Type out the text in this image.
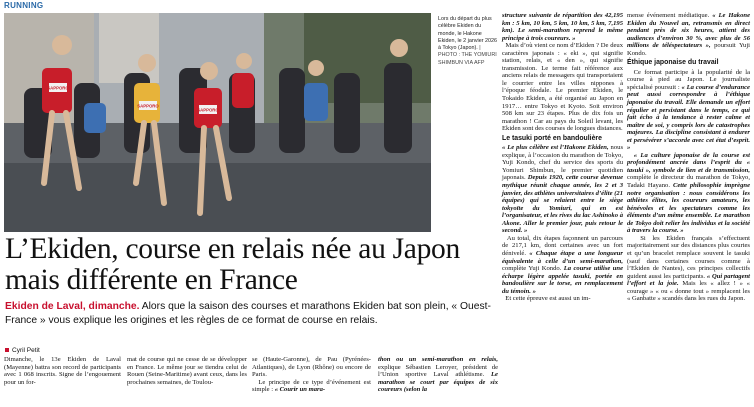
RUNNING
SAPPORO
SAPPORO
SAPPORO
Lors du départ du plus célèbre Ekiden du monde, le Hakone Ekiden, le 2 janvier 2026 à Tokyo (Japon). | PHOTO : THE YOMIURI SHIMBUN VIA AFP

structure suivante de répartition des 42,195 km : 5 km, 10 km, 5 km, 10 km, 5 km, 7,195 km). Le semi-marathon reprend le même principe à trois coureurs. »

Mais d’où vient ce nom d’Ekiden ? De deux caractères japonais : « eki », qui signifie station, relais, et « den », qui signifie transmission. Le terme fait référence aux anciens relais de messagers qui transportaient le courrier entre les villes nippones à l’époque féodale. Le premier Ekiden, le Tokaido Ekiden, a été organisé au Japon en 1917… entre Tokyo et Kyoto. Soit environ 508 km sur 23 étapes. Plus de dix fois un marathon ! Car au pays du Soleil levant, les Ekiden sont des courses de longues distances.

Le tasuki porté en bandoulière

« Le plus célèbre est l’Hakone Ekiden, nous explique, à l’occasion du marathon de Tokyo, Yuji Kondo, chef du service des sports du Yomiuri Shimbun, le premier quotidien japonais. Depuis 1920, cette course devenue mythique réunit chaque année, les 2 et 3 janvier, des athlètes universitaires d’élite (21 équipes) qui se relaient entre le siège tokyoïte du Yomiuri, qui en est l’organisateur, et les rives du lac Ashinoko à Akone. Aller le premier jour, puis retour le second. »

Au total, dix étapes façonnent un parcours de 217,1 km, dont certaines avec un fort dénivelé. « Chaque étape a une longueur équivalente à celle d’un semi-marathon, complète Yuji Kondo. La course utilise une écharpe légère appelée tasuki, portée en bandoulière sur le torse, en remplacement du témoin. »

Et cette épreuve est aussi un im-

mense événement médiatique. « Le Hakone Ekiden du Nouvel an, retransmis en direct pendant près de six heures, attient des audiences d’environ 30 %, avec plus de 56 millions de téléspectateurs », poursuit Yuji Kondo.

Éthique japonaise du travail

Ce format participe à la popularité de la course à pied au Japon. Le journaliste spécialisé poursuit : « La course d’endurance peut aussi correspondre à l’éthique japonaise du travail. Elle demande un effort régulier et persistant dans le temps, ce qui fait écho à la tendance à rester calme et maître de soi, y compris lors de catastrophes majeures. La discipline consistant à endurer et persévérer s’accorde avec cet état d’esprit. »

« La culture japonaise de la course est profondément ancrée dans l’esprit du « tasuki », symbole de lien et de transmission, complète le directeur du marathon de Tokyo, Tadaki Hayano. Cette philosophie imprègne notre organisation : nous considérons les athlètes élites, les coureurs amateurs, les bénévoles et les spectateurs comme les éléments d’un même ensemble. Le marathon de Tokyo doit relier les individus et la société à travers la course. »

Si les Ekiden français s’effectuent majoritairement sur des distances plus courtes et qu’un bracelet remplace souvent le tasuki (sauf dans certaines courses comme à l’Ekiden de Nantes), ces principes collectifs guident aussi les participants. « Qui partagent l’effort et la joie. Mais les « allez ! » « courage » « ou « donne tout » remplacent les « Ganbatte » scandés dans les rues du Japon.

L’Ekiden, course en relais née au Japon mais différente en France
Ekiden de Laval, dimanche. Alors que la saison des courses et marathons Ekiden bat son plein, « Ouest-France » vous explique les origines et les règles de ce format de course en relais.
Cyril Petit
Dimanche, le 13e Ekiden de Laval (Mayenne) battra son record de participants avec 1 068 inscrits. Signe de l’engouement pour un for-
mat de course qui ne cesse de se développer en France. Le même jour se tiendra celui de Rouen (Seine-Maritime) avant ceux, dans les prochaines semaines, de Toulou-
se (Haute-Garonne), de Pau (Pyrénées-Atlantiques), de Lyon (Rhône) ou encore de Paris.
Le principe de ce type d’événement est simple : « Courir un mara-
thon ou un semi-marathon en relais, explique Sébastien Leroyer, président de l’Union sportive Laval athlétisme. Le marathon se court par équipes de six coureurs (selon la
